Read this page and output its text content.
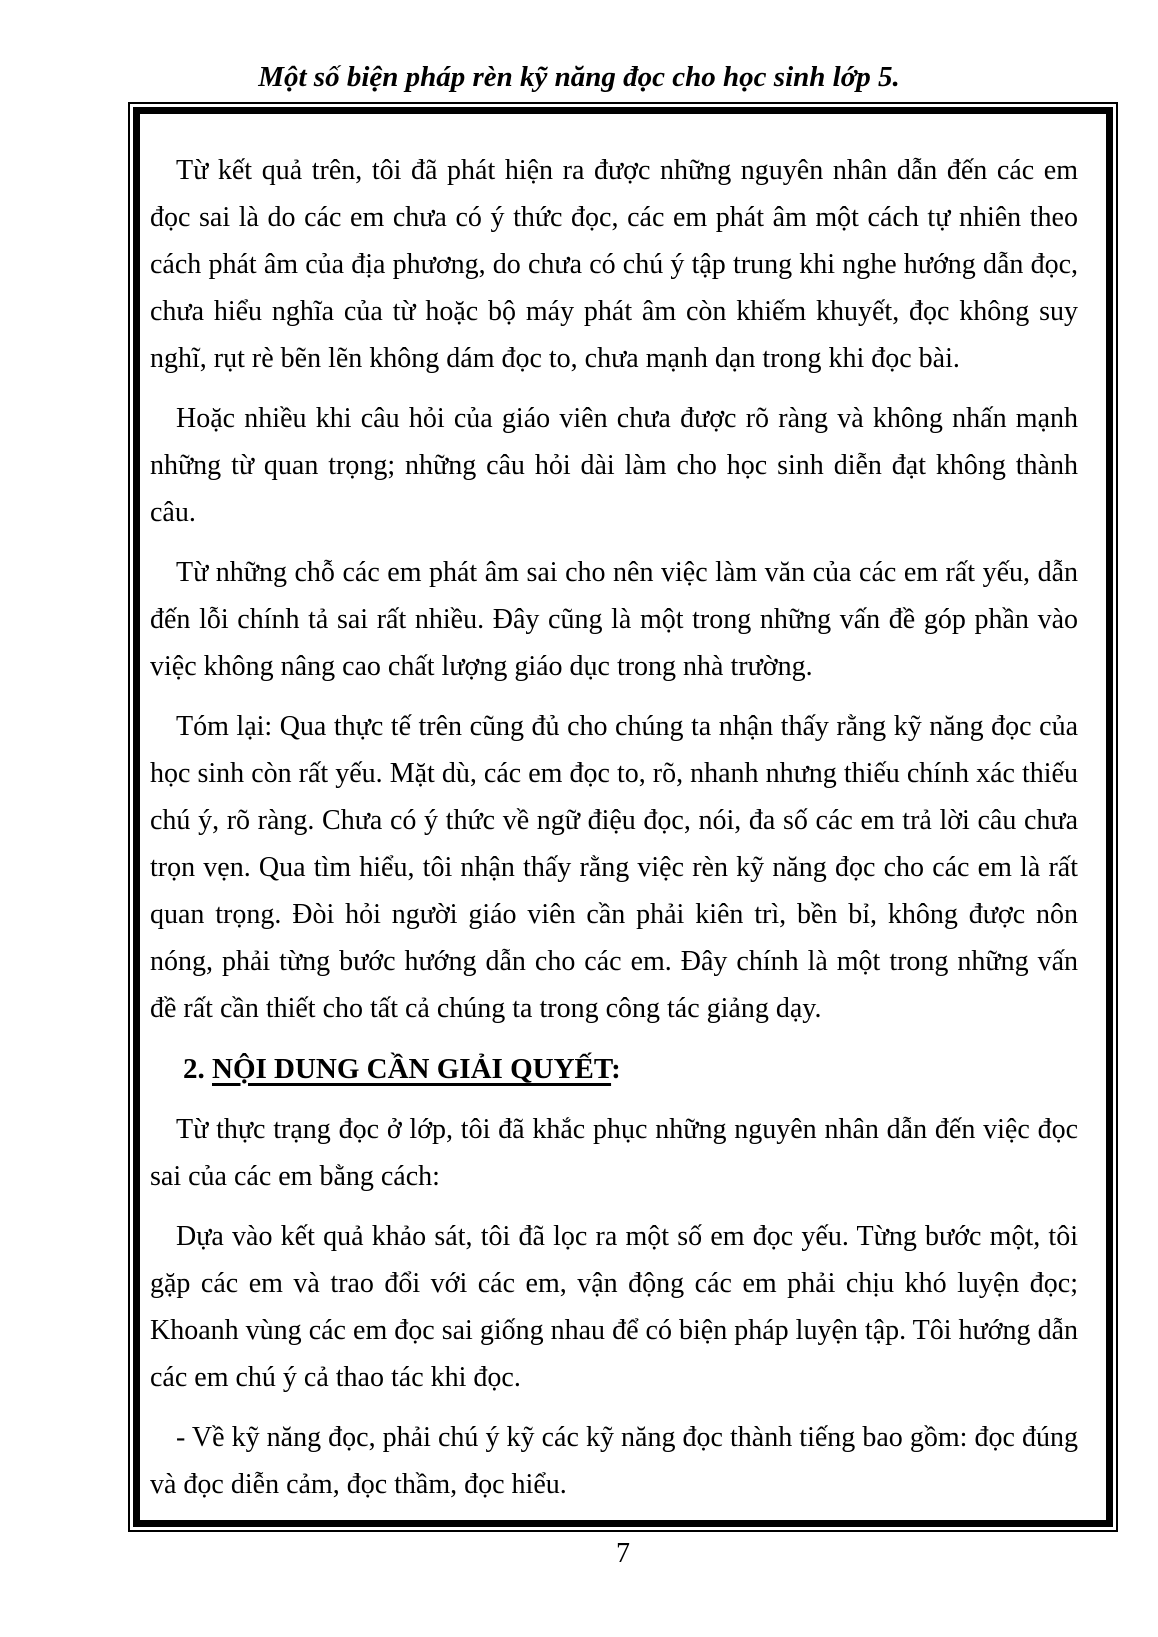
Một số biện pháp rèn kỹ năng đọc cho học sinh lớp 5.

Từ kết quả trên, tôi đã phát hiện ra được những nguyên nhân dẫn đến các em đọc sai là do các em chưa có ý thức đọc, các em phát âm một cách tự nhiên theo cách phát âm của địa phương, do chưa có chú ý tập trung khi nghe hướng dẫn đọc, chưa hiểu nghĩa của từ hoặc bộ máy phát âm còn khiếm khuyết, đọc không suy nghĩ, rụt rè bẽn lẽn không dám đọc to, chưa mạnh dạn trong khi đọc bài.

Hoặc nhiều khi câu hỏi của giáo viên chưa được rõ ràng và không nhấn mạnh những từ quan trọng; những câu hỏi dài làm cho học sinh diễn đạt không thành câu.

Từ những chỗ các em phát âm sai cho nên việc làm văn của các em rất yếu, dẫn đến lỗi chính tả sai rất nhiều. Đây cũng là một trong những vấn đề góp phần vào việc không nâng cao chất lượng giáo dục trong nhà trường.

Tóm lại: Qua thực tế trên cũng đủ cho chúng ta nhận thấy rằng kỹ năng đọc của học sinh còn rất yếu. Mặt dù, các em đọc to, rõ, nhanh nhưng thiếu chính xác thiếu chú ý, rõ ràng. Chưa có ý thức về ngữ điệu đọc, nói, đa số các em trả lời câu chưa trọn vẹn. Qua tìm hiểu, tôi nhận thấy rằng việc rèn kỹ năng đọc cho các em là rất quan trọng. Đòi hỏi người giáo viên cần phải kiên trì, bền bỉ, không được nôn nóng, phải từng bước hướng dẫn cho các em. Đây chính là một trong những vấn đề rất cần thiết cho tất cả chúng ta trong công tác giảng dạy.

2. NỘI DUNG CẦN GIẢI QUYẾT:

Từ thực trạng đọc ở lớp, tôi đã khắc phục những nguyên nhân dẫn đến việc đọc sai của các em bằng cách:

Dựa vào kết quả khảo sát, tôi đã lọc ra một số em đọc yếu. Từng bước một, tôi gặp các em và trao đổi với các em, vận động các em phải chịu khó luyện đọc; Khoanh vùng các em đọc sai giống nhau để có biện pháp luyện tập. Tôi hướng dẫn các em chú ý cả thao tác khi đọc.

- Về kỹ năng đọc, phải chú ý kỹ các kỹ năng đọc thành tiếng bao gồm: đọc đúng và đọc diễn cảm, đọc thầm, đọc hiểu.

7
